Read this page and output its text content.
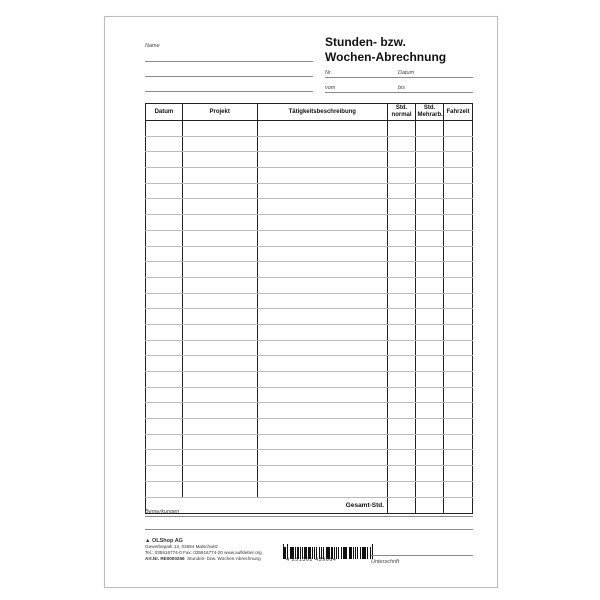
Name	Stunden- bzw.
Wochen-Abrechnung
Nr.	Datum
vom	bis
Datum	Projekt	Tätigkeitsbeschreibung	Std. normal	Std. Mehrarb.	Fahrzeit

Gesamt-Std.					
Bemerkungen
▲ OLShop AG
Gewerbepark 13, 02694 Malschwitz
Tel.: 035916774-0 Fax: 035916774-20 www.aufkleber.org
Art.Nr. RE0000256 Stunden- bzw. Wochen-Abrechnung	4 251361 439664	Unterschrift
